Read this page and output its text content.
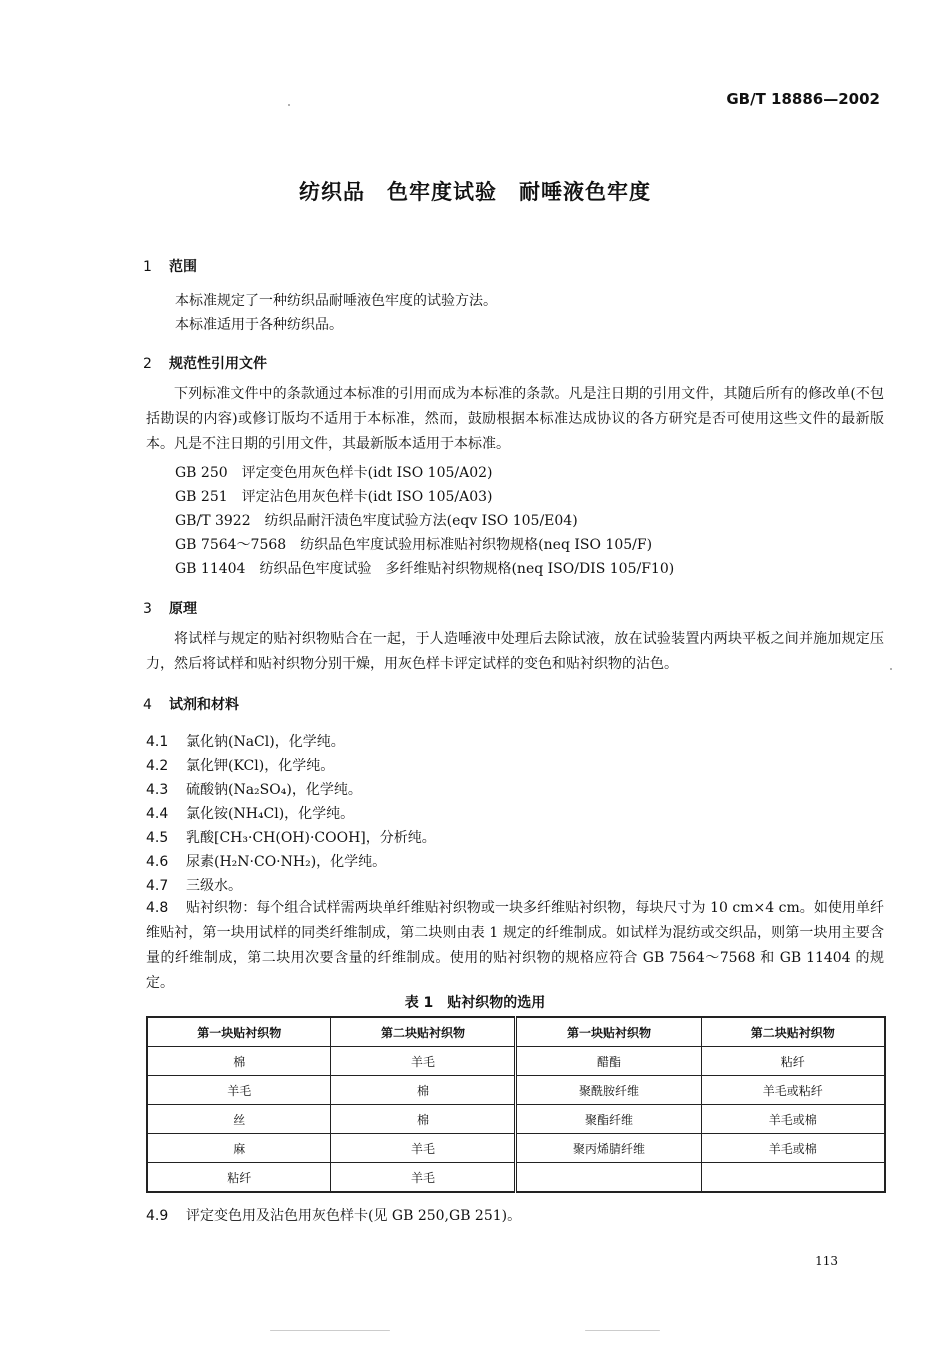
GB/T 18886—2002
纺织品　色牢度试验　耐唾液色牢度
1 范围
本标准规定了一种纺织品耐唾液色牢度的试验方法。
本标准适用于各种纺织品。
2 规范性引用文件
下列标准文件中的条款通过本标准的引用而成为本标准的条款。凡是注日期的引用文件，其随后所有的修改单(不包括勘误的内容)或修订版均不适用于本标准，然而，鼓励根据本标准达成协议的各方研究是否可使用这些文件的最新版本。凡是不注日期的引用文件，其最新版本适用于本标准。
GB 250 评定变色用灰色样卡(idt ISO 105/A02)
GB 251 评定沾色用灰色样卡(idt ISO 105/A03)
GB/T 3922 纺织品耐汗渍色牢度试验方法(eqv ISO 105/E04)
GB 7564～7568 纺织品色牢度试验用标准贴衬织物规格(neq ISO 105/F)
GB 11404 纺织品色牢度试验　多纤维贴衬织物规格(neq ISO/DIS 105/F10)
3 原理
将试样与规定的贴衬织物贴合在一起，于人造唾液中处理后去除试液，放在试验装置内两块平板之间并施加规定压力，然后将试样和贴衬织物分别干燥，用灰色样卡评定试样的变色和贴衬织物的沾色。
4 试剂和材料
4.1 氯化钠(NaCl)，化学纯。
4.2 氯化钾(KCl)，化学纯。
4.3 硫酸钠(Na₂SO₄)，化学纯。
4.4 氯化铵(NH₄Cl)，化学纯。
4.5 乳酸[CH₃·CH(OH)·COOH]，分析纯。
4.6 尿素(H₂N·CO·NH₂)，化学纯。
4.7 三级水。
4.8 贴衬织物：每个组合试样需两块单纤维贴衬织物或一块多纤维贴衬织物，每块尺寸为 10 cm×4 cm。如使用单纤维贴衬，第一块用试样的同类纤维制成，第二块则由表 1 规定的纤维制成。如试样为混纺或交织品，则第一块用主要含量的纤维制成，第二块用次要含量的纤维制成。使用的贴衬织物的规格应符合 GB 7564～7568 和 GB 11404 的规定。
表 1　贴衬织物的选用
第一块贴衬织物	第二块贴衬织物	第一块贴衬织物	第二块贴衬织物
棉	羊毛	醋酯	粘纤
羊毛	棉	聚酰胺纤维	羊毛或粘纤
丝	棉	聚酯纤维	羊毛或棉
麻	羊毛	聚丙烯腈纤维	羊毛或棉
粘纤	羊毛		
4.9 评定变色用及沾色用灰色样卡(见 GB 250,GB 251)。
113
